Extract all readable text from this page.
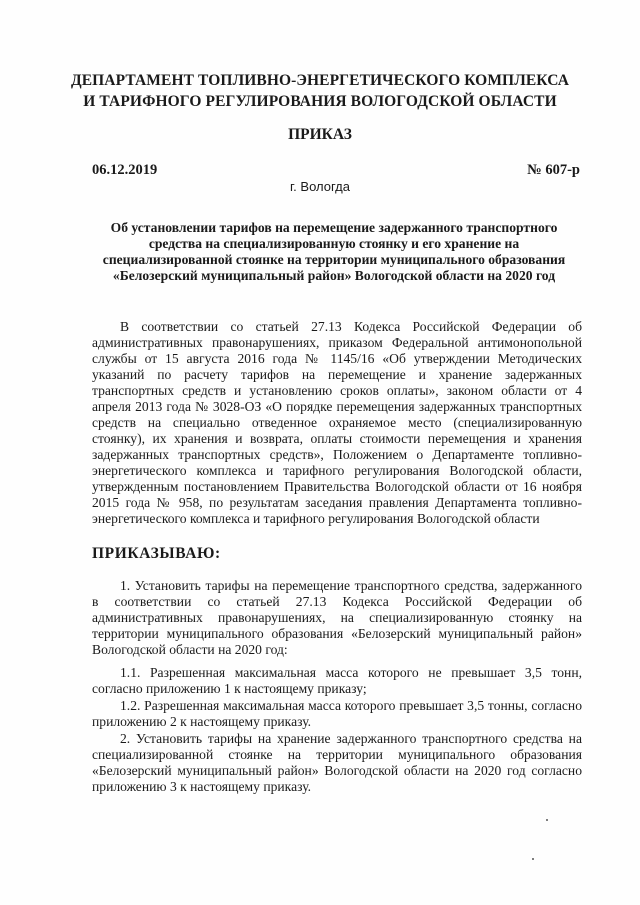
ДЕПАРТАМЕНТ ТОПЛИВНО-ЭНЕРГЕТИЧЕСКОГО КОМПЛЕКСА
И ТАРИФНОГО РЕГУЛИРОВАНИЯ ВОЛОГОДСКОЙ ОБЛАСТИ
ПРИКАЗ
06.12.2019	№ 607-р
г. Вологда
Об установлении тарифов на перемещение задержанного транспортного средства на специализированную стоянку и его хранение на специализированной стоянке на территории муниципального образования «Белозерский муниципальный район» Вологодской области на 2020 год
В соответствии со статьей 27.13 Кодекса Российской Федерации об административных правонарушениях, приказом Федеральной антимонопольной службы от 15 августа 2016 года № 1145/16 «Об утверждении Методических указаний по расчету тарифов на перемещение и хранение задержанных транспортных средств и установлению сроков оплаты», законом области от 4 апреля 2013 года № 3028-ОЗ «О порядке перемещения задержанных транспортных средств на специально отведенное охраняемое место (специализированную стоянку), их хранения и возврата, оплаты стоимости перемещения и хранения задержанных транспортных средств», Положением о Департаменте топливно-энергетического комплекса и тарифного регулирования Вологодской области, утвержденным постановлением Правительства Вологодской области от 16 ноября 2015 года № 958, по результатам заседания правления Департамента топливно-энергетического комплекса и тарифного регулирования Вологодской области
ПРИКАЗЫВАЮ:
1. Установить тарифы на перемещение транспортного средства, задержанного в соответствии со статьей 27.13 Кодекса Российской Федерации об административных правонарушениях, на специализированную стоянку на территории муниципального образования «Белозерский муниципальный район» Вологодской области на 2020 год:
1.1. Разрешенная максимальная масса которого не превышает 3,5 тонн, согласно приложению 1 к настоящему приказу;
1.2. Разрешенная максимальная масса которого превышает 3,5 тонны, согласно приложению 2 к настоящему приказу.
2. Установить тарифы на хранение задержанного транспортного средства на специализированной стоянке на территории муниципального образования «Белозерский муниципальный район» Вологодской области на 2020 год согласно приложению 3 к настоящему приказу.
